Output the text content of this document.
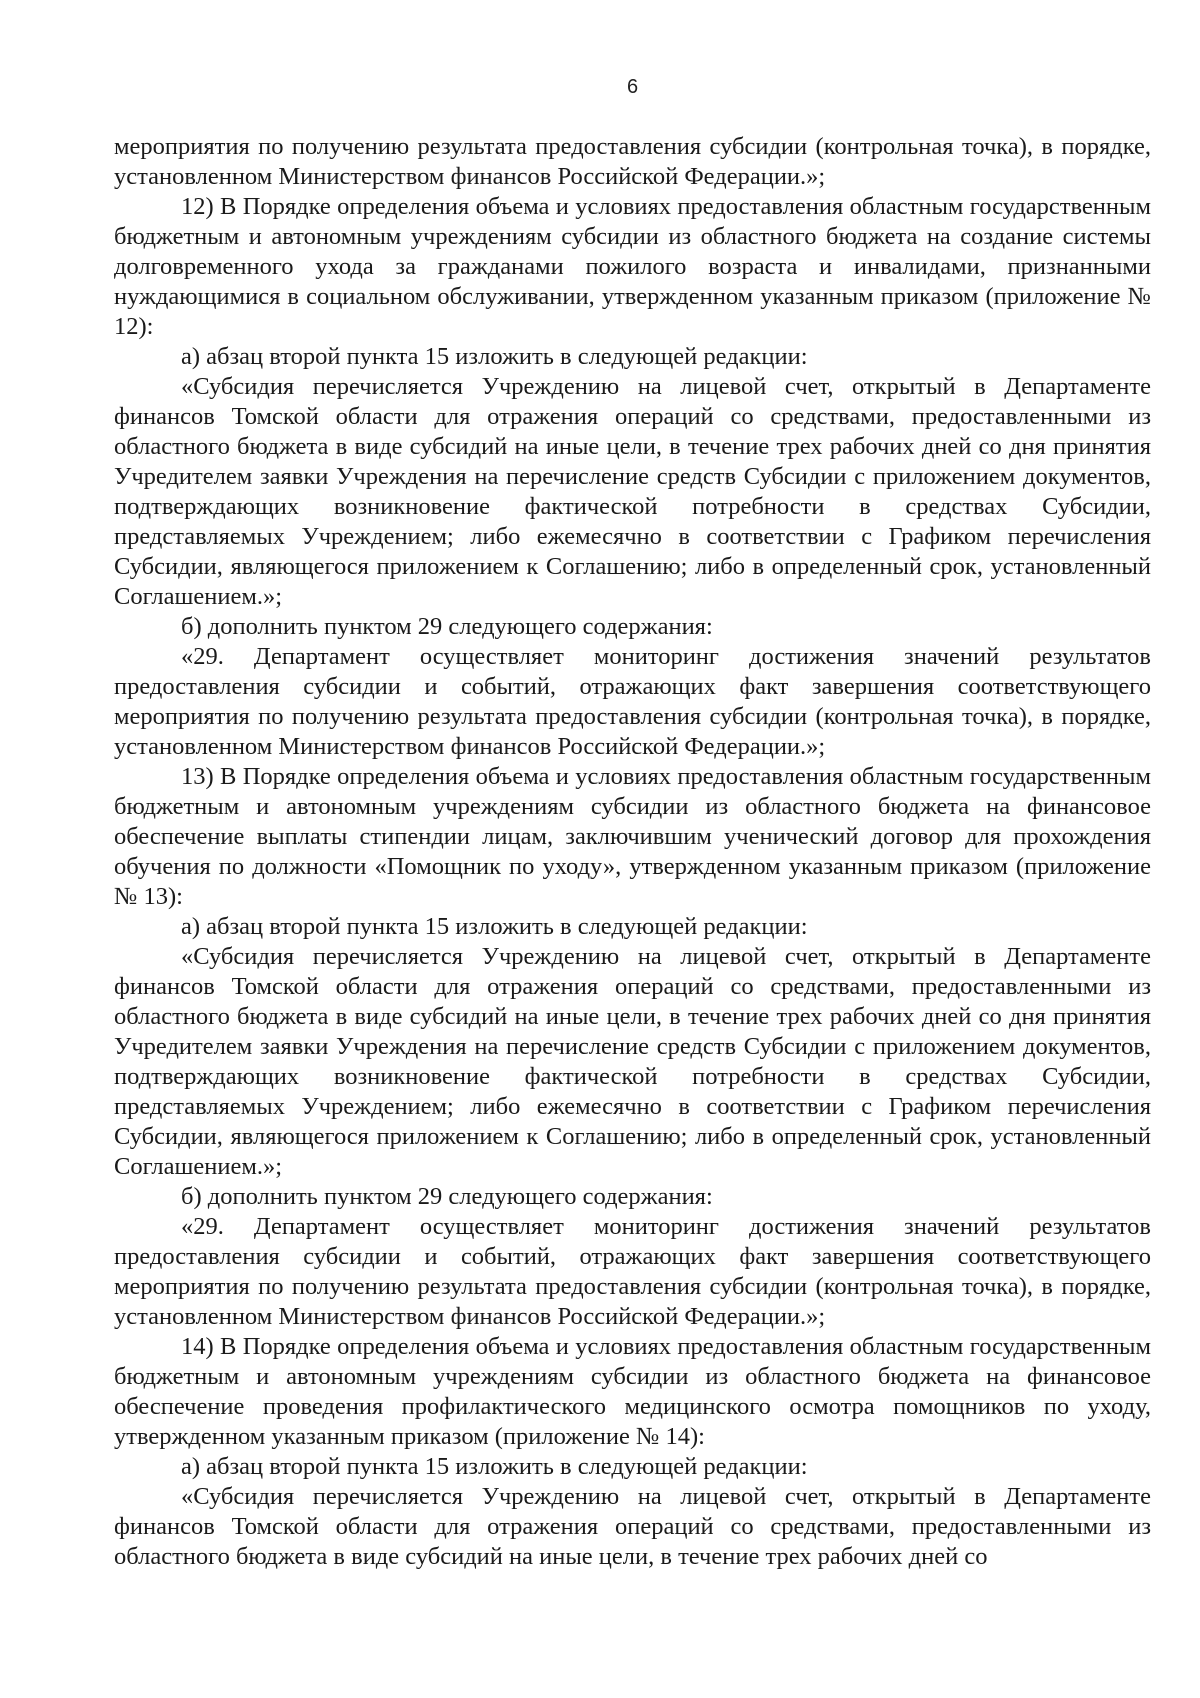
6

мероприятия по получению результата предоставления субсидии (контрольная точка), в порядке, установленном Министерством финансов Российской Федерации.»;

12) В Порядке определения объема и условиях предоставления областным государственным бюджетным и автономным учреждениям субсидии из областного бюджета на создание системы долговременного ухода за гражданами пожилого возраста и инвалидами, признанными нуждающимися в социальном обслуживании, утвержденном указанным приказом (приложение № 12):

а) абзац второй пункта 15 изложить в следующей редакции:

«Субсидия перечисляется Учреждению на лицевой счет, открытый в Департаменте финансов Томской области для отражения операций со средствами, предоставленными из областного бюджета в виде субсидий на иные цели, в течение трех рабочих дней со дня принятия Учредителем заявки Учреждения на перечисление средств Субсидии с приложением документов, подтверждающих возникновение фактической потребности в средствах Субсидии, представляемых Учреждением; либо ежемесячно в соответствии с Графиком перечисления Субсидии, являющегося приложением к Соглашению; либо в определенный срок, установленный Соглашением.»;

б) дополнить пунктом 29 следующего содержания:

«29. Департамент осуществляет мониторинг достижения значений результатов предоставления субсидии и событий, отражающих факт завершения соответствующего мероприятия по получению результата предоставления субсидии (контрольная точка), в порядке, установленном Министерством финансов Российской Федерации.»;

13) В Порядке определения объема и условиях предоставления областным государственным бюджетным и автономным учреждениям субсидии из областного бюджета на финансовое обеспечение выплаты стипендии лицам, заключившим ученический договор для прохождения обучения по должности «Помощник по уходу», утвержденном указанным приказом (приложение № 13):

а) абзац второй пункта 15 изложить в следующей редакции:

«Субсидия перечисляется Учреждению на лицевой счет, открытый в Департаменте финансов Томской области для отражения операций со средствами, предоставленными из областного бюджета в виде субсидий на иные цели, в течение трех рабочих дней со дня принятия Учредителем заявки Учреждения на перечисление средств Субсидии с приложением документов, подтверждающих возникновение фактической потребности в средствах Субсидии, представляемых Учреждением; либо ежемесячно в соответствии с Графиком перечисления Субсидии, являющегося приложением к Соглашению; либо в определенный срок, установленный Соглашением.»;

б) дополнить пунктом 29 следующего содержания:

«29. Департамент осуществляет мониторинг достижения значений результатов предоставления субсидии и событий, отражающих факт завершения соответствующего мероприятия по получению результата предоставления субсидии (контрольная точка), в порядке, установленном Министерством финансов Российской Федерации.»;

14) В Порядке определения объема и условиях предоставления областным государственным бюджетным и автономным учреждениям субсидии из областного бюджета на финансовое обеспечение проведения профилактического медицинского осмотра помощников по уходу, утвержденном указанным приказом (приложение № 14):

а) абзац второй пункта 15 изложить в следующей редакции:

«Субсидия перечисляется Учреждению на лицевой счет, открытый в Департаменте финансов Томской области для отражения операций со средствами, предоставленными из областного бюджета в виде субсидий на иные цели, в течение трех рабочих дней со
